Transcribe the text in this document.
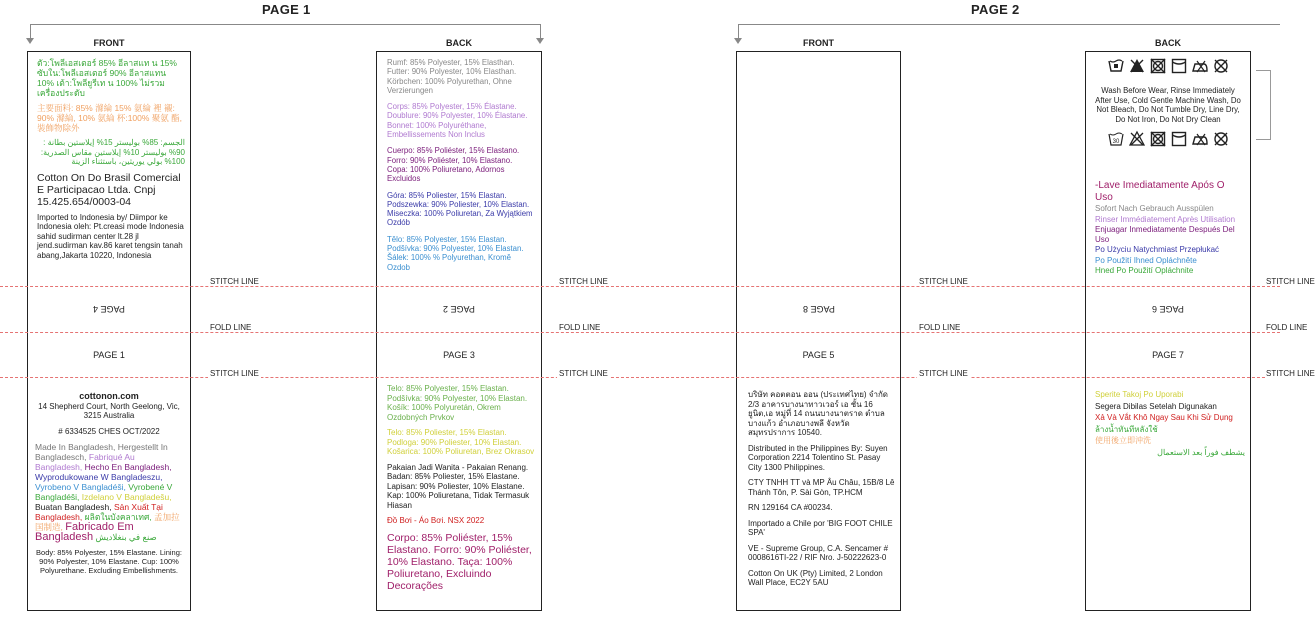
PAGE 1	PAGE 2
FRONT	BACK	FRONT	BACK
STITCH LINE
FOLD LINE
STITCH LINE
STITCH LINE
FOLD LINE
STITCH LINE
STITCH LINE
FOLD LINE
STITCH LINE
STITCH LINE
FOLD LINE
STITCH LINE

ตัว:โพลีเอสเตอร์ 85% อีลาสแท น 15% ซับใน:โพลีเอสเตอร์ 90% อีลาสแทน 10% เต้า:โพลียูรีเท น 100% ไม่รวมเครื่องประดับ

主要面料: 85% 滌綸 15% 氨綸 裡 襯: 90% 滌綸, 10% 氨綸 杯:100% 聚氨 酯, 裝飾物除外

الجسم: 85% بوليستر 15% إيلاستين بطانة : 90% بوليستر 10% إيلاستين مقاس الصدرية: 100% بولي يوريثين، باستثناء الزينة

Cotton On Do Brasil Comercial E Participacao Ltda. Cnpj 15.425.654/0003-04

Imported to Indonesia by/ Diimpor ke Indonesia oleh: Pt.creasi mode Indonesia sahid sudirman center lt.28 jl jend.sudirman kav.86 karet tengsin tanah abang,Jakarta 10220, Indonesia

PAGE 4
PAGE 1
cottonon.com
14 Shepherd Court, North Geelong, Vic, 3215 Australia
# 6334525 CHES OCT/2022
Made In Bangladesh, Hergestellt In Bangladesch, Fabriqué Au Bangladesh, Hecho En Bangladesh, Wyprodukowane W Bangladeszu, Vyrobeno V Bangladéši, Vyrobené V Bangladéši, Izdelano V Bangladešu, Buatan Bangladesh, Sản Xuất Tại Bangladesh, ผลิตในบังคลาเทศ, 孟加拉国制造, Fabricado Em Bangladesh صنع في بنغلاديش
Body: 85% Polyester, 15% Elastane. Lining: 90% Polyester, 10% Elastane. Cup: 100% Polyurethane. Excluding Embellishments.

Rumf: 85% Polyester, 15% Elasthan. Futter: 90% Polyester, 10% Elasthan. Körbchen: 100% Polyurethan, Ohne Verzierungen

Corps: 85% Polyester, 15% Élastane. Doublure: 90% Polyester, 10% Élastane. Bonnet: 100% Polyuréthane, Embellissements Non Inclus

Cuerpo: 85% Poliéster, 15% Elastano. Forro: 90% Poliéster, 10% Elastano. Copa: 100% Poliuretano, Adornos Excluidos

Góra: 85% Poliester, 15% Elastan. Podszewka: 90% Poliester, 10% Elastan. Miseczka: 100% Poliuretan, Za Wyjątkiem Ozdób

Tělo: 85% Polyester, 15% Elastan. Podšívka: 90% Polyester, 10% Elastan. Šálek: 100% % Polyurethan, Kromě Ozdob

PAGE 2
PAGE 3

Telo: 85% Polyester, 15% Elastan. Podšívka: 90% Polyester, 10% Elastan. Košík: 100% Polyuretán, Okrem Ozdobných Prvkov

Telo: 85% Poliester, 15% Elastan. Podloga: 90% Poliester, 10% Elastan. Košarica: 100% Poliuretan, Brez Okrasov

Pakaian Jadi Wanita - Pakaian Renang. Badan: 85% Poliester, 15% Elastane. Lapisan: 90% Poliester, 10% Elastane. Kap: 100% Poliuretana, Tidak Termasuk Hiasan

Đồ Bơi - Áo Bơi. NSX 2022

Corpo: 85% Poliéster, 15% Elastano. Forro: 90% Poliéster, 10% Elastano. Taça: 100% Poliuretano, Excluindo Decorações

PAGE 8
PAGE 5

บริษัท คอตตอน ออน (ประเทศไทย) จำกัด 2/3 อาคารบางนาทาวเวอร์ เอ ชั้น 16 ยูนิต,เอ หมู่ที่ 14 ถนนบางนาตราด ตำบลบางแก้ว อำเภอบางพลี จังหวัด สมุทรปราการ 10540.

Distributed in the Philippines By: Suyen Corporation 2214 Tolentino St. Pasay City 1300 Philippines.

CTY TNHH TT và MP Âu Châu, 15B/8 Lê Thánh Tôn, P. Sài Gòn, TP.HCM

RN 129164 CA #00234.

Importado a Chile por 'BIG FOOT CHILE SPA'

VE - Supreme Group, C.A. Sencamer # 0008616TI-22 / RIF Nro. J-50222623-0

Cotton On UK (Pty) Limited, 2 London Wall Place, EC2Y 5AU

Wash Before Wear, Rinse Immediately After Use, Cold Gentle Machine Wash, Do Not Bleach, Do Not Tumble Dry, Line Dry, Do Not Iron, Do Not Dry Clean
30

-Lave Imediatamente Após O Uso

Sofort Nach Gebrauch Ausspülen

Rinser Immédiatement Après Utilisation

Enjuagar Inmediatamente Después Del Uso

Po Użyciu Natychmiast Przepłukać

Po Použití Ihned Opláchněte

Hned Po Použití Opláchnite

PAGE 6
PAGE 7

Sperite Takoj Po Uporabi

Segera Dibilas Setelah Digunakan

Xả Và Vắt Khô Ngay Sau Khi Sử Dụng

ล้างน้ำทันทีหลังใช้

使用後立即沖洗

يشطف فوراً بعد الاستعمال
